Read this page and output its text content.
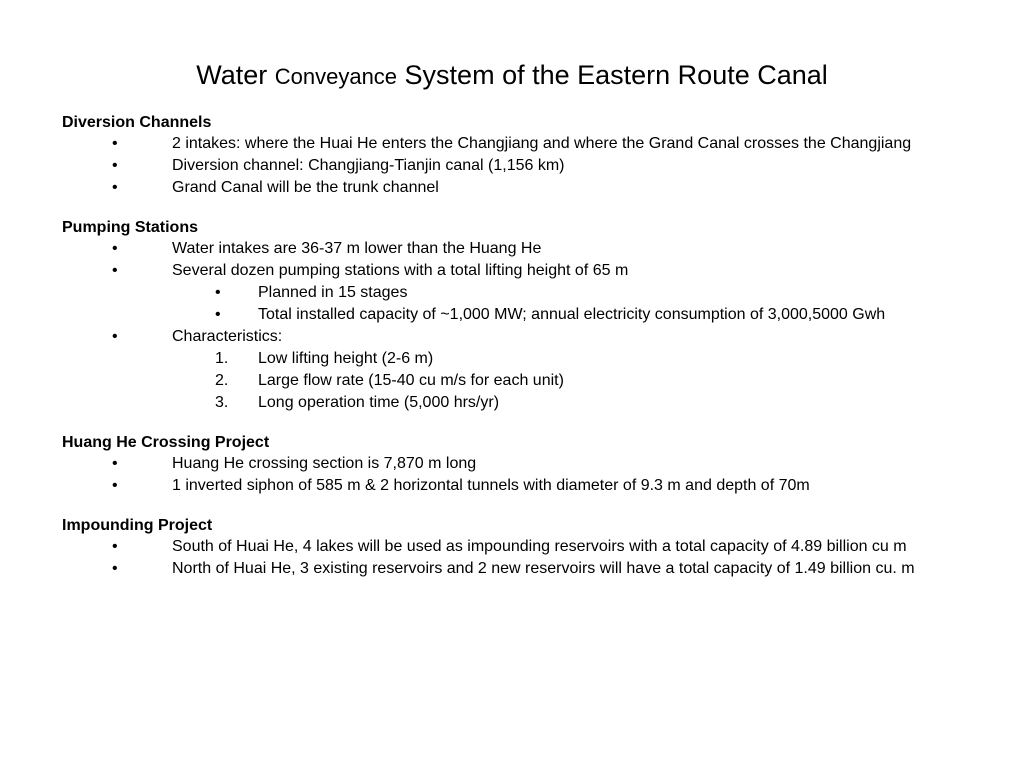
Water Conveyance System of the Eastern Route Canal
Diversion Channels
•	2 intakes: where the Huai He enters the Changjiang and where the Grand Canal crosses the Changjiang
•	Diversion channel: Changjiang-Tianjin canal (1,156 km)
•	Grand Canal will be the trunk channel
Pumping Stations
•	Water intakes are 36-37 m lower than the Huang He
•	Several dozen pumping stations with a total lifting height of 65 m
•	Planned in 15 stages
•	Total installed capacity of ~1,000 MW; annual electricity consumption of 3,000,5000 Gwh
•	Characteristics:
1.	Low lifting height (2-6 m)
2.	Large flow rate (15-40 cu m/s for each unit)
3.	Long operation time (5,000 hrs/yr)
Huang He Crossing Project
•	Huang He crossing section is 7,870 m long
•	1 inverted siphon of 585 m & 2 horizontal tunnels with diameter of 9.3 m and depth of 70m
Impounding Project
•	South of Huai He, 4 lakes will be used as impounding reservoirs with a total capacity of 4.89 billion cu m
•	North of Huai He, 3 existing reservoirs and 2 new reservoirs will have a total capacity of 1.49 billion cu. m
